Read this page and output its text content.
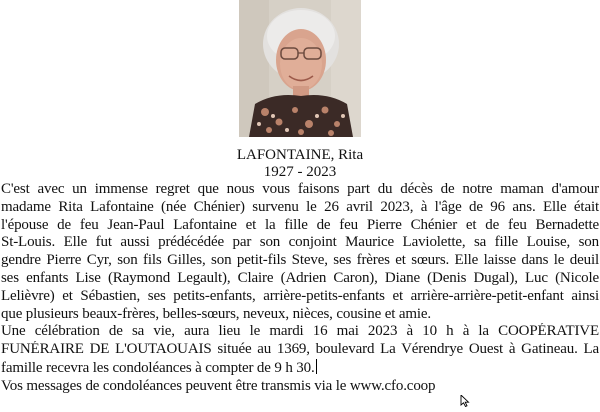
LAFONTAINE, Rita
1927 - 2023
C'est avec un immense regret que nous vous faisons part du décès de notre maman d'amour
madame Rita Lafontaine (née Chénier) survenu le 26 avril 2023, à l'âge de 96 ans. Elle était
l'épouse de feu Jean-Paul Lafontaine et la fille de feu Pierre Chénier et de feu Bernadette
St-Louis. Elle fut aussi prédécédée par son conjoint Maurice Laviolette, sa fille Louise, son
gendre Pierre Cyr, son fils Gilles, son petit-fils Steve, ses frères et sœurs. Elle laisse dans le deuil
ses enfants Lise (Raymond Legault), Claire (Adrien Caron), Diane (Denis Dugal), Luc (Nicole
Lelièvre) et Sébastien, ses petits-enfants, arrière-petits-enfants et arrière-arrière-petit-enfant ainsi
que plusieurs beaux-frères, belles-sœurs, neveux, nièces, cousine et amie.
Une célébration de sa vie, aura lieu le mardi 16 mai 2023 à 10 h à la COOPÉRATIVE
FUNÉRAIRE DE L'OUTAOUAIS située au 1369, boulevard La Vérendrye Ouest à Gatineau. La
famille recevra les condoléances à compter de 9 h 30.
Vos messages de condoléances peuvent être transmis via le www.cfo.coop
